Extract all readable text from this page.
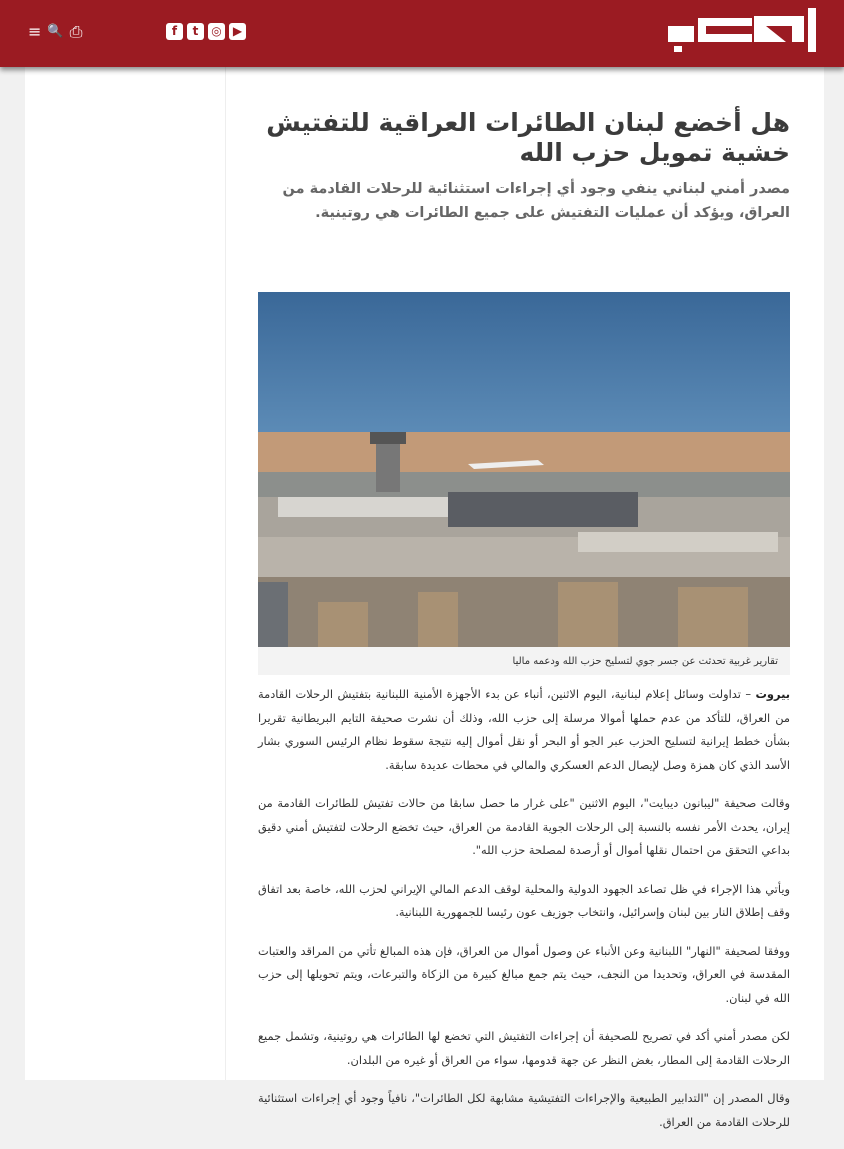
≡ 🔍 ⎙	f	t	◎ ▶
هل أخضع لبنان الطائرات العراقية للتفتيش خشية تمويل حزب الله
مصدر أمني لبناني ينفي وجود أي إجراءات استثنائية للرحلات القادمة من العراق، ويؤكد أن عمليات التفتيش على جميع الطائرات هي روتينية.
تقارير غربية تحدثت عن جسر جوي لتسليح حزب الله ودعمه ماليا

بيروت – تداولت وسائل إعلام لبنانية، اليوم الاثنين، أنباء عن بدء الأجهزة الأمنية اللبنانية بتفتيش الرحلات القادمة من العراق، للتأكد من عدم حملها أموالا مرسلة إلى حزب الله، وذلك أن نشرت صحيفة التايم البريطانية تقريرا بشأن خطط إيرانية لتسليح الحزب عبر الجو أو البحر أو نقل أموال إليه نتيجة سقوط نظام الرئيس السوري بشار الأسد الذي كان همزة وصل لإيصال الدعم العسكري والمالي في محطات عديدة سابقة.

وقالت صحيفة "ليبانون ديبايت"، اليوم الاثنين "على غرار ما حصل سابقا من حالات تفتيش للطائرات القادمة من إيران، يحدث الأمر نفسه بالنسبة إلى الرحلات الجوية القادمة من العراق، حيث تخضع الرحلات لتفتيش أمني دقيق بداعي التحقق من احتمال نقلها أموال أو أرصدة لمصلحة حزب الله".

ويأتي هذا الإجراء في ظل تصاعد الجهود الدولية والمحلية لوقف الدعم المالي الإيراني لحزب الله، خاصة بعد اتفاق وقف إطلاق النار بين لبنان وإسرائيل، وانتخاب جوزيف عون رئيسا للجمهورية اللبنانية.

ووفقا لصحيفة "النهار" اللبنانية وعن الأنباء عن وصول أموال من العراق، فإن هذه المبالغ تأتي من المراقد والعتبات المقدسة في العراق، وتحديدا من النجف، حيث يتم جمع مبالغ كبيرة من الزكاة والتبرعات، ويتم تحويلها إلى حزب الله في لبنان.

لكن مصدر أمني أكد في تصريح للصحيفة أن إجراءات التفتيش التي تخضع لها الطائرات هي روتينية، وتشمل جميع الرحلات القادمة إلى المطار، بغض النظر عن جهة قدومها، سواء من العراق أو غيره من البلدان.

وقال المصدر إن "التدابير الطبيعية والإجراءات التفتيشية مشابهة لكل الطائرات"، نافياً وجود أي إجراءات استثنائية للرحلات القادمة من العراق.
